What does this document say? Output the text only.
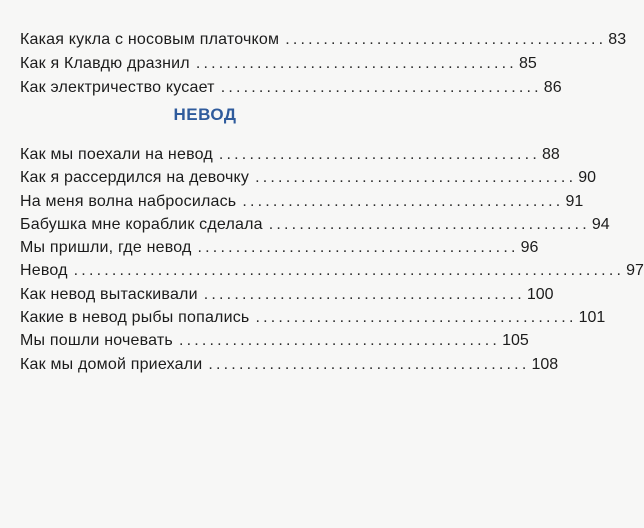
Какая кукла с носовым платочком .......................................... 83
Как я Клавдю дразнил .......................................... 85
Как электричество кусает .......................................... 86
НЕВОД
Как мы поехали на невод .......................................... 88
Как я рассердился на девочку .......................................... 90
На меня волна набросилась .......................................... 91
Бабушка мне кораблик сделала .......................................... 94
Мы пришли, где невод .......................................... 96
Невод ........................................................................ 97
Как невод вытаскивали .......................................... 100
Какие в невод рыбы попались .......................................... 101
Мы пошли ночевать .......................................... 105
Как мы домой приехали .......................................... 108
